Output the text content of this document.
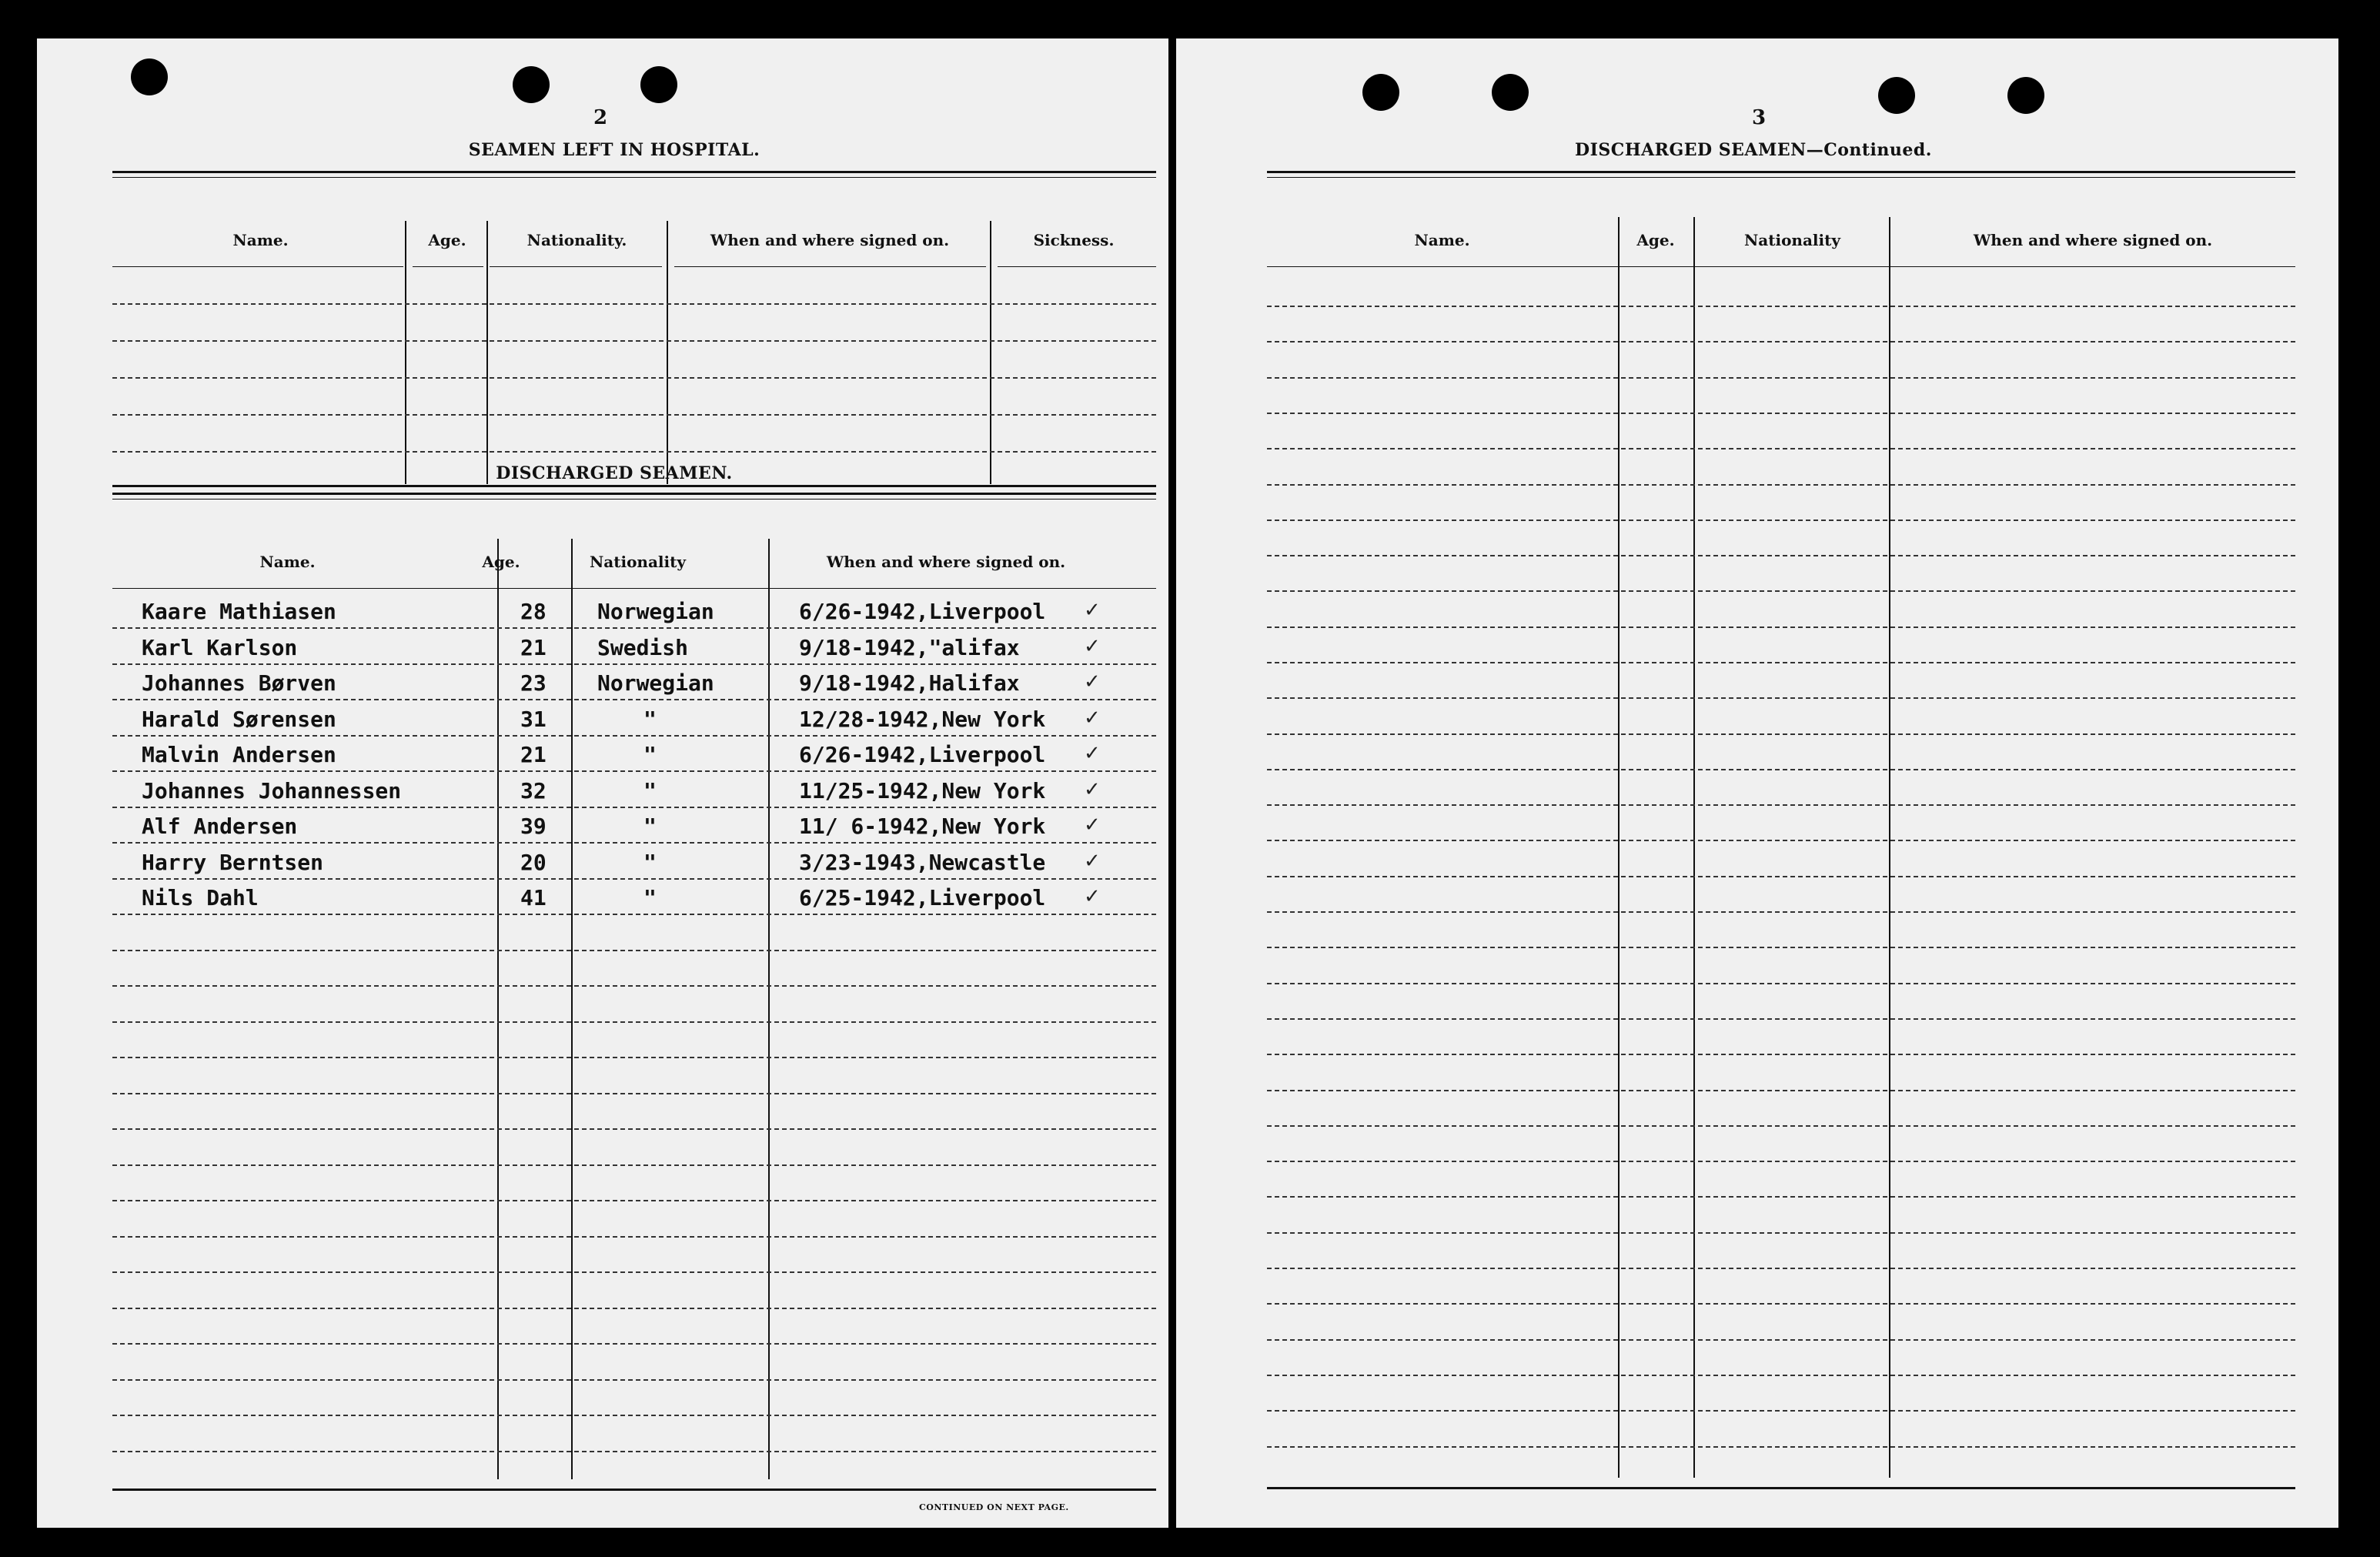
2
SEAMEN LEFT IN HOSPITAL.
Name.	Age.	Nationality.	When and where signed on.	Sickness.
DISCHARGED SEAMEN.
Name.	Age.	Nationality	When and where signed on.
Kaare Mathiasen	28 Norwegian	6/26-1942,Liverpool ✓
Karl Karlson	21 Swedish	9/18-1942,"alifax	✓
Johannes Børven	23 Norwegian	9/18-1942,Halifax	✓
Harald Sørensen	31	"	12/28-1942,New York ✓
Malvin Andersen	21	"	6/26-1942,Liverpool ✓
Johannes Johannessen	32	"	11/25-1942,New York ✓
Alf Andersen	39	"	11/ 6-1942,New York ✓
Harry Berntsen	20	"	3/23-1943,Newcastle ✓
Nils Dahl	41	"	6/25-1942,Liverpool ✓
CONTINUED ON NEXT PAGE.
3
DISCHARGED SEAMEN—Continued.
Name.	Age.	Nationality	When and where signed on.
